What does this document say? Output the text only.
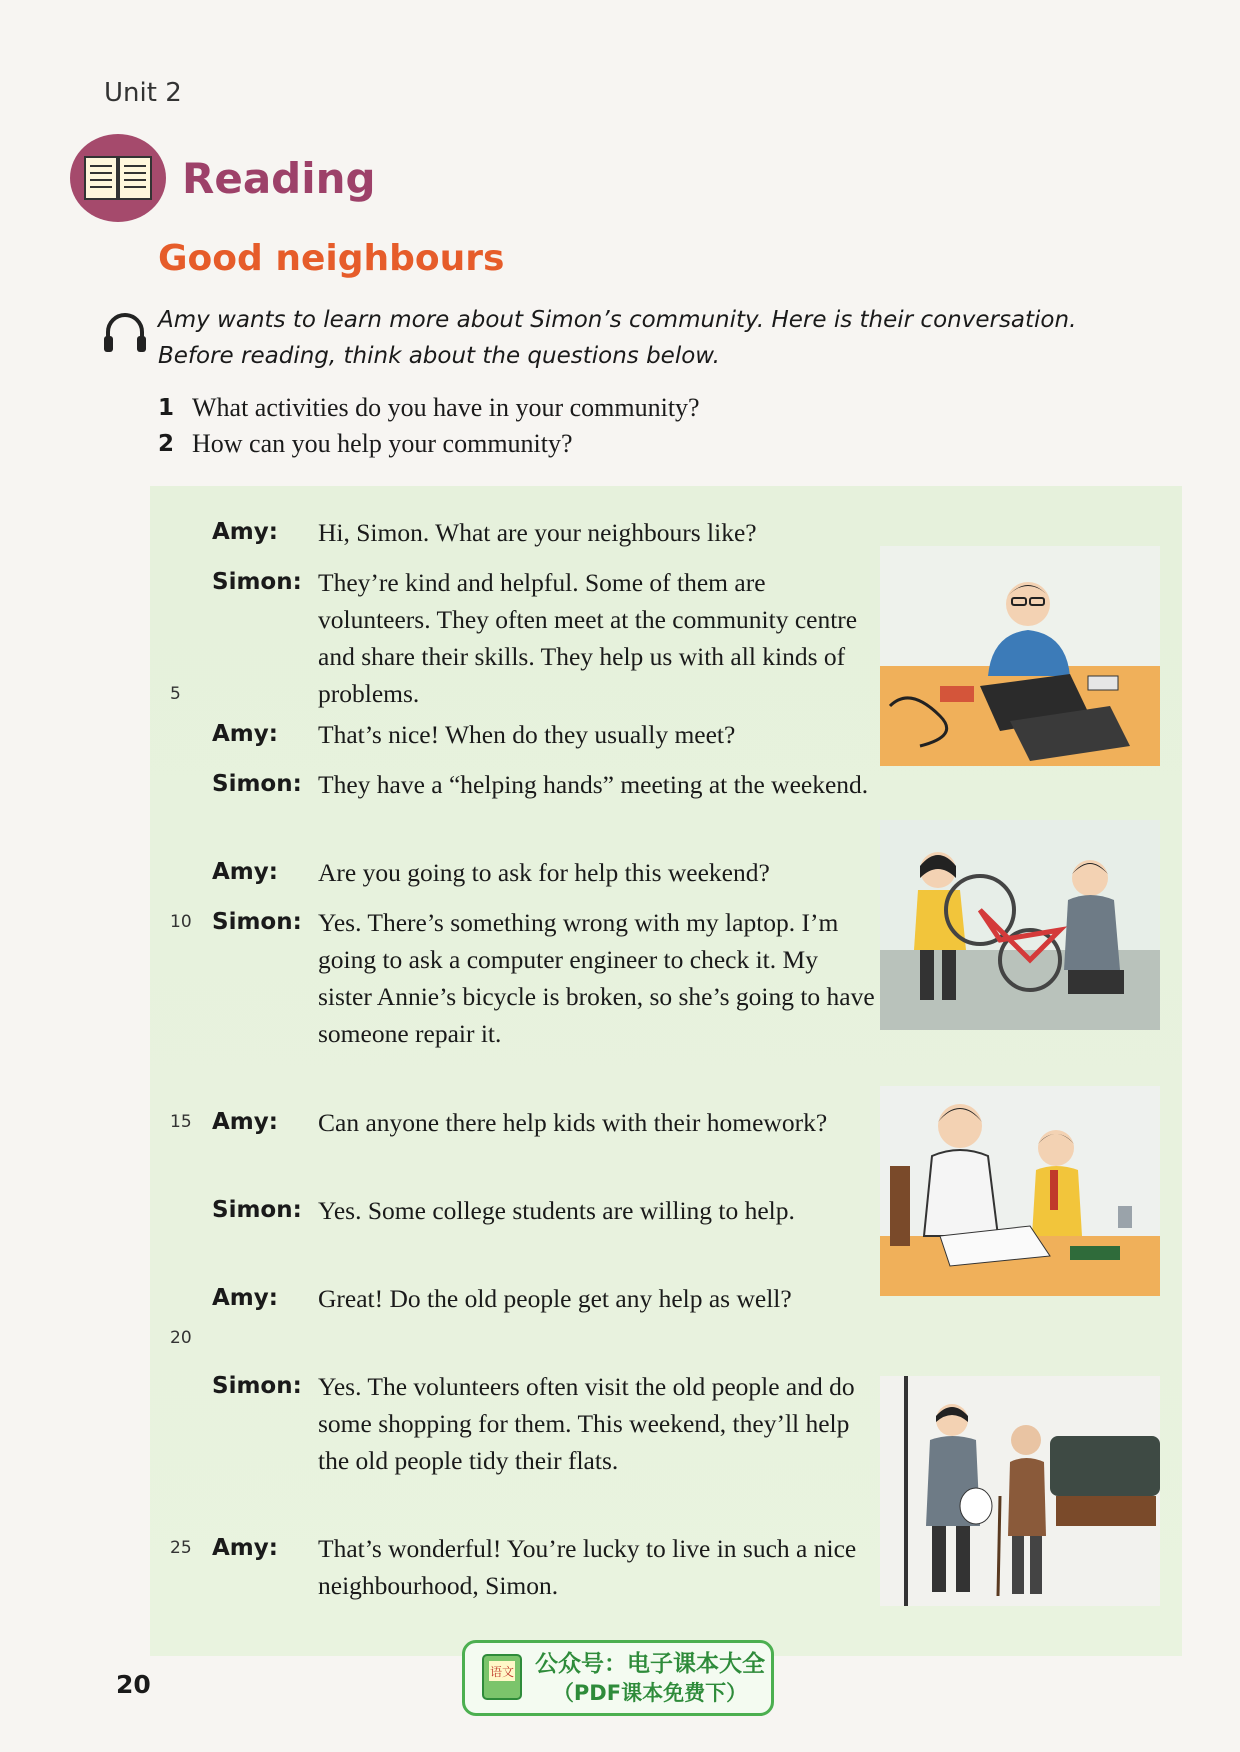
Unit 2
Reading
Good neighbours
Amy wants to learn more about Simon’s community. Here is their conversation. Before reading, think about the questions below.
1 What activities do you have in your community?
2 How can you help your community?
Amy: Hi, Simon. What are your neighbours like?
5
Simon: They’re kind and helpful. Some of them are volunteers. They often meet at the community centre and share their skills. They help us with all kinds of problems.
Amy: That’s nice! When do they usually meet?
Simon: They have a “helping hands” meeting at the weekend.
Amy: Are you going to ask for help this weekend?
10 Simon: Yes. There’s something wrong with my laptop. I’m going to ask a computer engineer to check it. My sister Annie’s bicycle is broken, so she’s going to have someone repair it.
15 Amy: Can anyone there help kids with their homework?
Simon: Yes. Some college students are willing to help.
20
Amy: Great! Do the old people get any help as well?
Simon: Yes. The volunteers often visit the old people and do some shopping for them. This weekend, they’ll help the old people tidy their flats.
25 Amy: That’s wonderful! You’re lucky to live in such a nice neighbourhood, Simon.
20	语文 公众号：电子课本大全
（PDF课本免费下）
